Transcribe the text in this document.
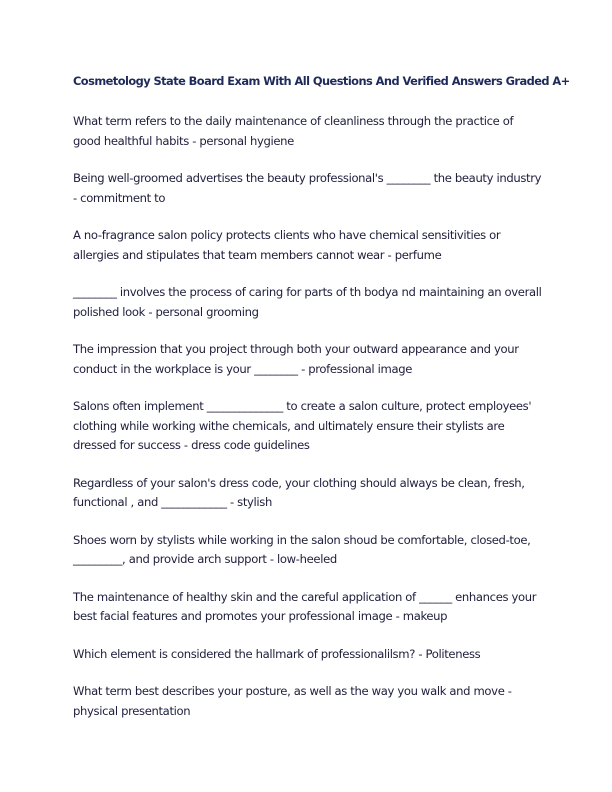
Cosmetology State Board Exam With All Questions And Verified Answers Graded A+
What term refers to the daily maintenance of cleanliness through the practice of good healthful habits - personal hygiene
Being well-groomed advertises the beauty professional's ________ the beauty industry - commitment to
A no-fragrance salon policy protects clients who have chemical sensitivities or allergies and stipulates that team members cannot wear - perfume
________ involves the process of caring for parts of th bodya nd maintaining an overall polished look - personal grooming
The impression that you project through both your outward appearance and your conduct in the workplace is your ________ - professional image
Salons often implement ______________ to create a salon culture, protect employees' clothing while working withe chemicals, and ultimately ensure their stylists are dressed for success - dress code guidelines
Regardless of your salon's dress code, your clothing should always be clean, fresh, functional , and ____________ - stylish
Shoes worn by stylists while working in the salon shoud be comfortable, closed-toe, _________, and provide arch support - low-heeled
The maintenance of healthy skin and the careful application of ______ enhances your best facial features and promotes your professional image - makeup
Which element is considered the hallmark of professionalilsm? - Politeness
What term best describes your posture, as well as the way you walk and move - physical presentation
